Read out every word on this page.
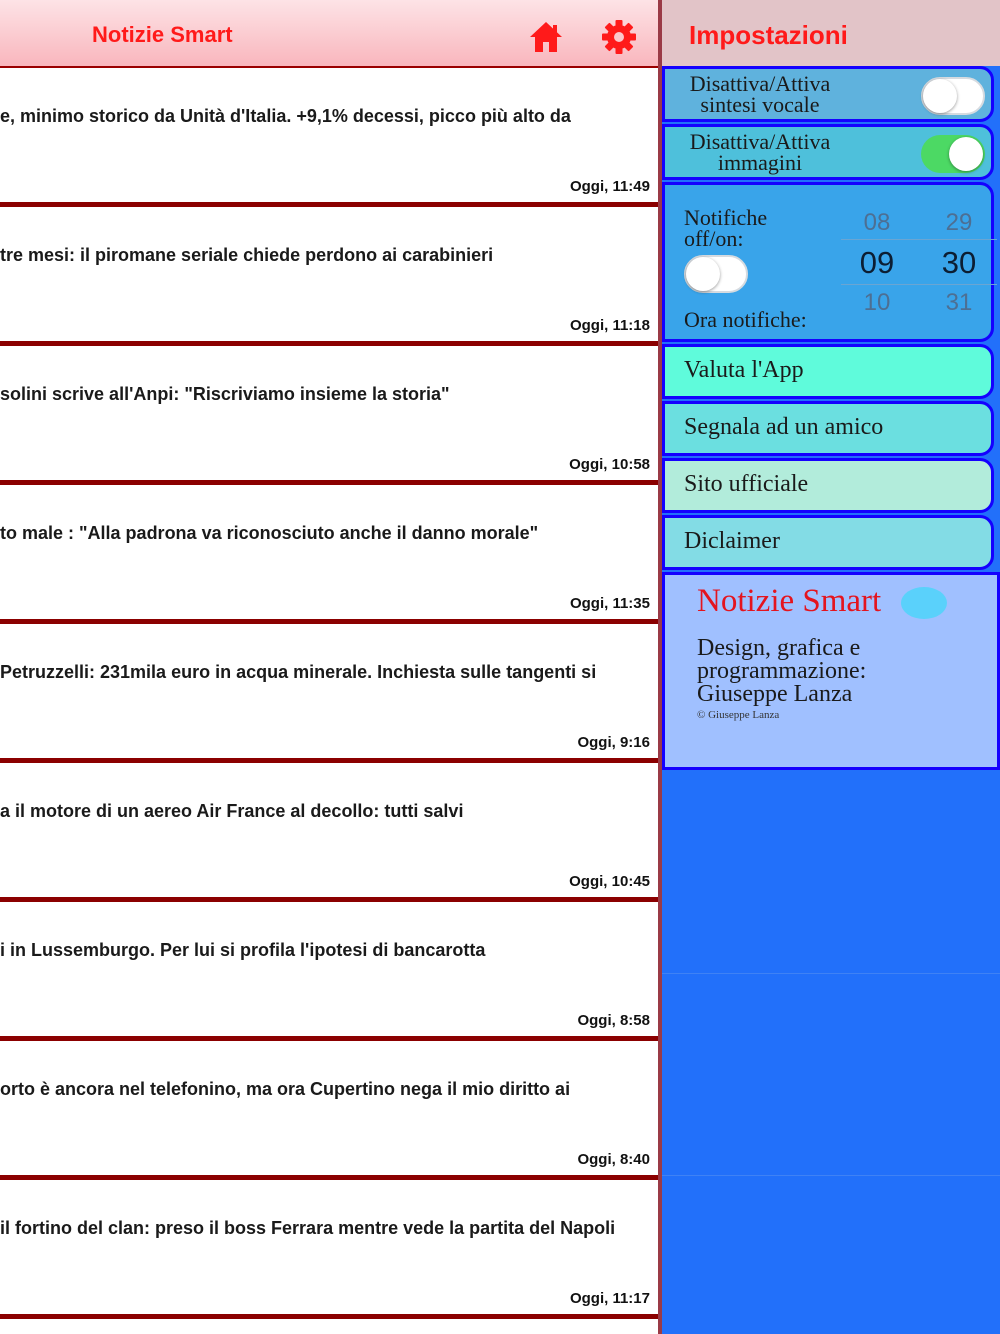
Notizie Smart
e, minimo storico da Unità d'Italia. +9,1% decessi, picco più alto da
Oggi, 11:49
tre mesi: il piromane seriale chiede perdono ai carabinieri
Oggi, 11:18
solini scrive all'Anpi: "Riscriviamo insieme la storia"
Oggi, 10:58
to male : "Alla padrona va riconosciuto anche il danno morale"
Oggi, 11:35
Petruzzelli: 231mila euro in acqua minerale. Inchiesta sulle tangenti si
Oggi, 9:16
a il motore di un aereo Air France al decollo: tutti salvi
Oggi, 10:45
i in Lussemburgo. Per lui si profila l'ipotesi di bancarotta
Oggi, 8:58
orto è ancora nel telefonino, ma ora Cupertino nega il mio diritto ai
Oggi, 8:40
il fortino del clan: preso il boss Ferrara mentre vede la partita del Napoli
Oggi, 11:17
Impostazioni
Disattiva/Attiva
sintesi vocale
Disattiva/Attiva
immagini
Notifiche
off/on:
Ora notifiche:
08	29
09	30
10	31
Valuta l'App
Segnala ad un amico
Sito ufficiale
Diclaimer
Notizie Smart
Design, grafica e
programmazione:
Giuseppe Lanza
© Giuseppe Lanza
